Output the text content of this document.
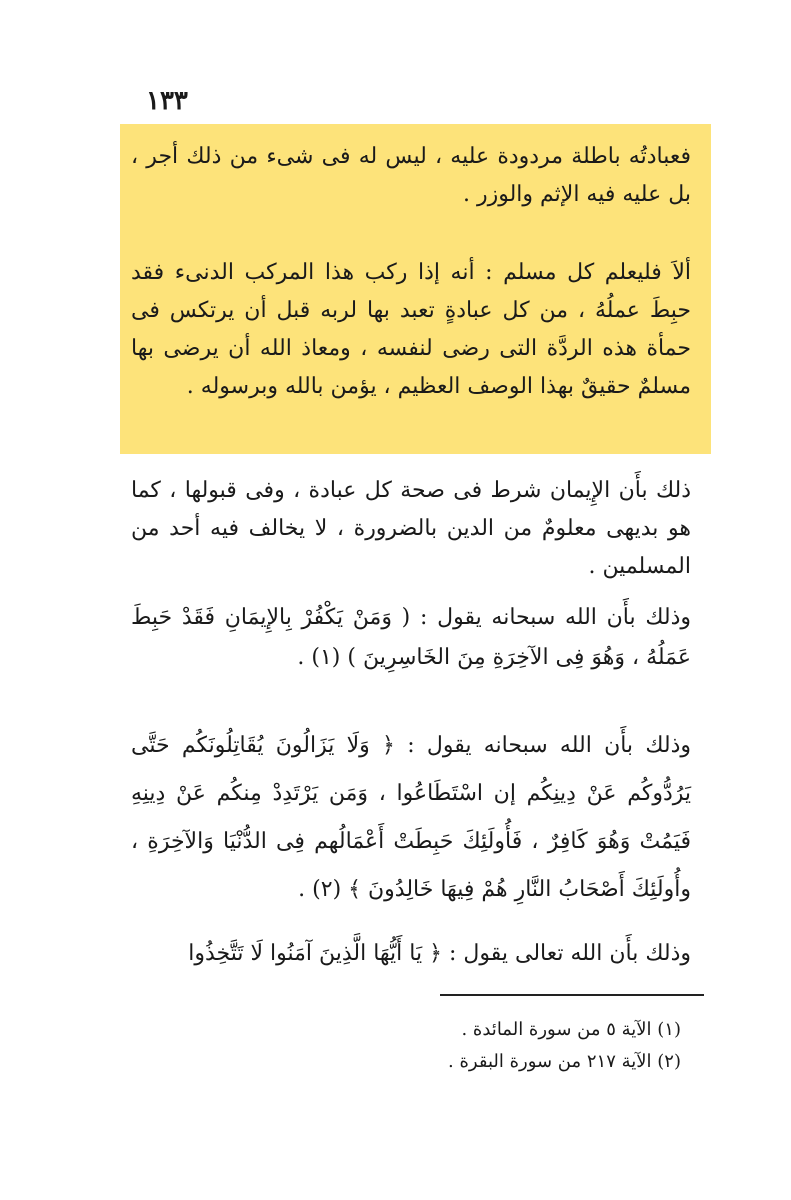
١٣٣

فعبادتُه باطلة مردودة عليه ، ليس له فى شىء من ذلك أجر ، بل عليه فيه الإثم والوزر .

ألاَ فليعلم كل مسلم : أنه إذا ركب هذا المركب الدنىء فقد حبِطَ عملُهُ ، من كل عبادةٍ تعبد بها لربه قبل أن يرتكس فى حمأة هذه الردَّة التى رضى لنفسه ، ومعاذ الله أن يرضى بها مسلمٌ حقيقٌ بهذا الوصف العظيم ، يؤمن بالله وبرسوله .

ذلك بأَن الإِيمان شرط فى صحة كل عبادة ، وفى قبولها ، كما هو بديهى معلومٌ من الدين بالضرورة ، لا يخالف فيه أحد من المسلمين .

وذلك بأَن الله سبحانه يقول : ( وَمَنْ يَكْفُرْ بِالإِيمَانِ فَقَدْ حَبِطَ عَمَلُهُ ، وَهُوَ فِى الآخِرَةِ مِنَ الخَاسِرِينَ ) (١) .

وذلك بأَن الله سبحانه يقول : ﴿ وَلَا يَزَالُونَ يُقَاتِلُونَكُم حَتَّى يَرُدُّوكُم عَنْ دِينِكُم إن اسْتَطَاعُوا ، وَمَن يَرْتَدِدْ مِنكُم عَنْ دِينِهِ فَيَمُتْ وَهُوَ كَافِرٌ ، فَأُولَئِكَ حَبِطَتْ أَعْمَالُهم فِى الدُّنْيَا وَالآخِرَةِ ، وأُولَئِكَ أَصْحَابُ النَّارِ هُمْ فِيهَا خَالِدُونَ ﴾ (٢) .

وذلك بأَن الله تعالى يقول : ﴿ يَا أَيُّهَا الَّذِينَ آمَنُوا لَا تَتَّخِذُوا

(١) الآية ٥ من سورة المائدة .
(٢) الآية ٢١٧ من سورة البقرة .
